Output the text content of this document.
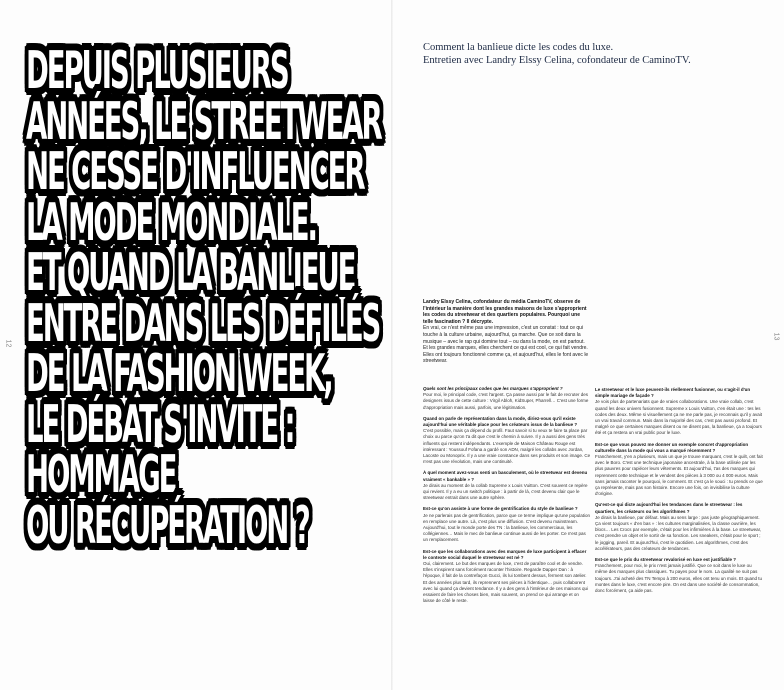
12
13
DEPUIS PLUSIEURS
ANNÉES, LE STREETWEAR
NE CESSE D'INFLUENCER
LA MODE MONDIALE.
ET QUAND LA BANLIEUE
ENTRE DANS LES DÉFILÉS
DE LA FASHION WEEK,
LE DÉBAT S'INVITE :
HOMMAGE
OU RÉCUPÉRATION ?
Comment la banlieue dicte les codes du luxe.
Entretien avec Landry Elssy Celina, cofondateur de CaminoTV.
Landry Elssy Celina, cofondateur du média CaminoTV, observe de l'intérieur la manière dont les grandes maisons de luxe s'approprient les codes du streetwear et des quartiers populaires. Pourquoi une telle fascination ? Il décrypte.
En vrai, ce n'est même pas une impression, c'est un constat : tout ce qui touche à la culture urbaine, aujourd'hui, ça marche. Que ce soit dans la musique – avec le rap qui domine tout – ou dans la mode, on est partout. Et les grandes marques, elles cherchent ce qui est cool, ce qui fait vendre. Elles ont toujours fonctionné comme ça, et aujourd'hui, elles le font avec le streetwear.
Quels sont les principaux codes que les marques s'approprient ?
Pour moi, le principal code, c'est l'argent. Ça passe aussi par le fait de recruter des designers issus de cette culture : Virgil Abloh, KidSuper, Pharrell… C'est une forme d'appropriation mais aussi, parfois, une légitimation.
Quand on parle de représentation dans la mode, diriez-vous qu'il existe aujourd'hui une véritable place pour les créateurs issus de la banlieue ?
C'est possible, mais ça dépend du profil. Faut savoir si tu veux te faire ta place par choix ou parce qu'on t'a dit que c'est le chemin à suivre. Il y a aussi des gens très influents qui restent indépendants. L'exemple de Maison Château Rouge est intéressant : Youssouf Fofana a gardé son ADN, malgré les collabs avec Jordan, Lacoste ou Monoprix. Il y a une vraie constance dans ses produits et son image. Ce n'est pas une révolution, mais une continuité.
À quel moment avez-vous senti un basculement, où le streetwear est devenu vraiment « bankable » ?
Je dirais au moment de la collab Supreme x Louis Vuitton. C'est souvent ce repère qui revient. Il y a eu un switch politique : à partir de là, c'est devenu clair que le streetwear entrait dans une autre sphère.
Est-ce qu'on assiste à une forme de gentrification du style de banlieue ?
Je ne parlerais pas de gentrification, parce que ce terme implique qu'une population en remplace une autre. Là, c'est plus une diffusion. C'est devenu mainstream. Aujourd'hui, tout le monde porte des TN : la banlieue, les commerciaux, les collégiennes… Mais le mec de banlieue continue aussi de les porter. Ce n'est pas un remplacement.
Est-ce que les collaborations avec des marques de luxe participent à effacer le contexte social duquel le streetwear est né ?
Oui, clairement. Le but des marques de luxe, c'est de paraître cool et de vendre. Elles s'inspirent sans forcément raconter l'histoire. Regarde Dapper Dan : à l'époque, il fait de la contrefaçon Gucci, ils lui tombent dessus, ferment son atelier. Et des années plus tard, ils reprennent ses pièces à l'identique… puis collaborent avec lui quand ça devient tendance. Il y a des gens à l'intérieur de ces maisons qui essaient de faire les choses bien, mais souvent, on prend ce qui arrange et on laisse de côté le reste.
Le streetwear et le luxe peuvent-ils réellement fusionner, ou s'agit-il d'un simple mariage de façade ?
Je vois plus de partenariats que de vraies collaborations. Une vraie collab, c'est quand les deux univers fusionnent. Supreme x Louis Vuitton, c'en était une : tes les codes des deux. Même si visuellement ça ne me parle pas, je reconnais qu'il y avait un vrai travail commun. Mais dans la majorité des cas, c'est pas aussi profond. Et malgré ce que certaines marques disent ou ne disent pas, la banlieue, ça a toujours été et ça restera un vrai public pour le luxe.
Est-ce que vous pouvez me donner un exemple concret d'appropriation culturelle dans la mode qui vous a marqué récemment ?
Franchement, y'en a plusieurs, mais un que je trouve marquant, c'est le quilt, ont fait avec le Boro. C'est une technique japonaise ancestrale, à la base utilisée par les plus pauvres pour rapiécer leurs vêtements. Et aujourd'hui, t'as des marques qui reprennent cette technique et le vendent des pièces à 3 000 ou 4 000 euros. Mais sans jamais raconter le pourquoi, le comment. Et c'est ça le souci : tu prends ce que ça représente, mais pas son histoire. Encore une fois, on invisibilise la culture d'origine.
Qu'est-ce qui dicte aujourd'hui les tendances dans le streetwear : les quartiers, les créateurs ou les algorithmes ?
Je dirais la banlieue, par défaut. Mais au sens large : pas juste géographiquement. Ça vient toujours « d'en bas » : les cultures marginalisées, la classe ouvrière, les blocs… Les Crocs par exemple, c'était pour les infirmières à la base. Le streetwear, c'est prendre un objet et le sortir de sa fonction. Les sneakers, c'était pour le sport ; le jogging, pareil. Et aujourd'hui, c'est le quotidien. Les algorithmes, c'est des accélérateurs, pas des créateurs de tendances.
Est-ce que le prix du streetwear revalorisé en luxe est justifiable ?
Franchement, pour moi, le prix n'est jamais justifié. Que ce soit dans le luxe ou même des marques plus classiques. Tu payes pour le nom. La qualité ne suit pas toujours. J'ai acheté des TN Tempo à 200 euros, elles ont tenu un mois. Et quand tu montes dans le luxe, c'est encore pire. On est dans une société de consommation, donc forcément, ça aide pas.
